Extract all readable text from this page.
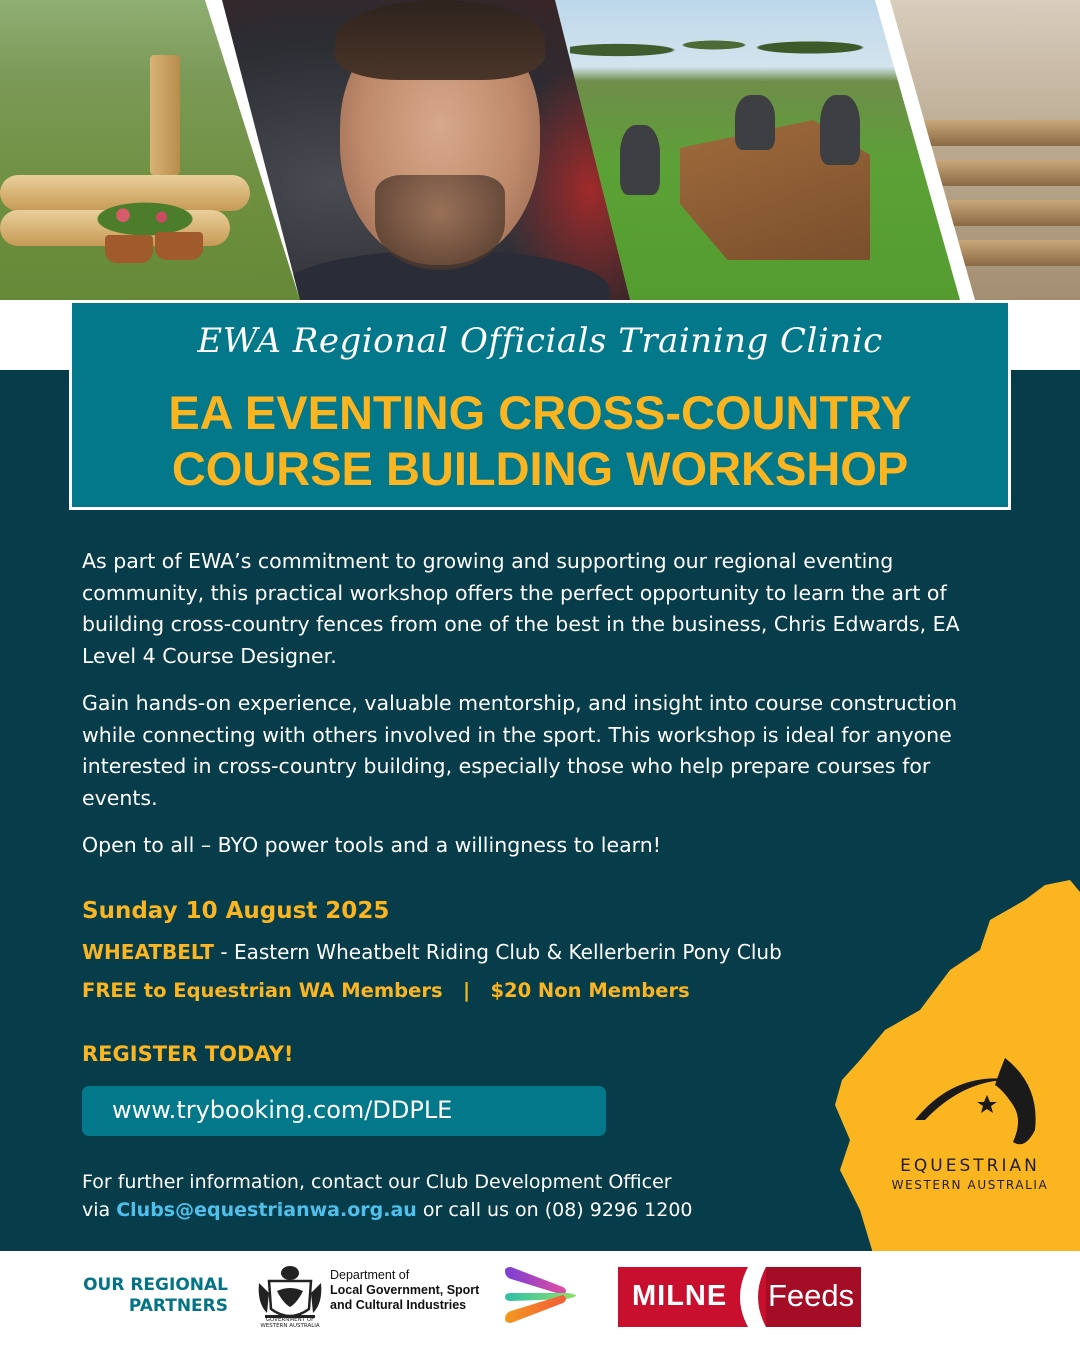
EWA Regional Officials Training Clinic
EA EVENTING CROSS-COUNTRY
COURSE BUILDING WORKSHOP

As part of EWA’s commitment to growing and supporting our regional eventing community, this practical workshop offers the perfect opportunity to learn the art of building cross-country fences from one of the best in the business, Chris Edwards, EA Level 4 Course Designer.

Gain hands-on experience, valuable mentorship, and insight into course construction while connecting with others involved in the sport. This workshop is ideal for anyone interested in cross-country building, especially those who help prepare courses for events.

Open to all – BYO power tools and a willingness to learn!

Sunday 10 August 2025
WHEATBELT - Eastern Wheatbelt Riding Club & Kellerberin Pony Club
FREE to Equestrian WA Members   |   $20 Non Members
REGISTER TODAY!
www.trybooking.com/DDPLE
For further information, contact our Club Development Officer
via Clubs@equestrianwa.org.au or call us on (08) 9296 1200
EQUESTRIAN
WESTERN AUSTRALIA
OUR REGIONAL
PARTNERS
GOVERNMENT OF
WESTERN AUSTRALIA
Department of
Local Government, Sport
and Cultural Industries	MILNE Feeds
